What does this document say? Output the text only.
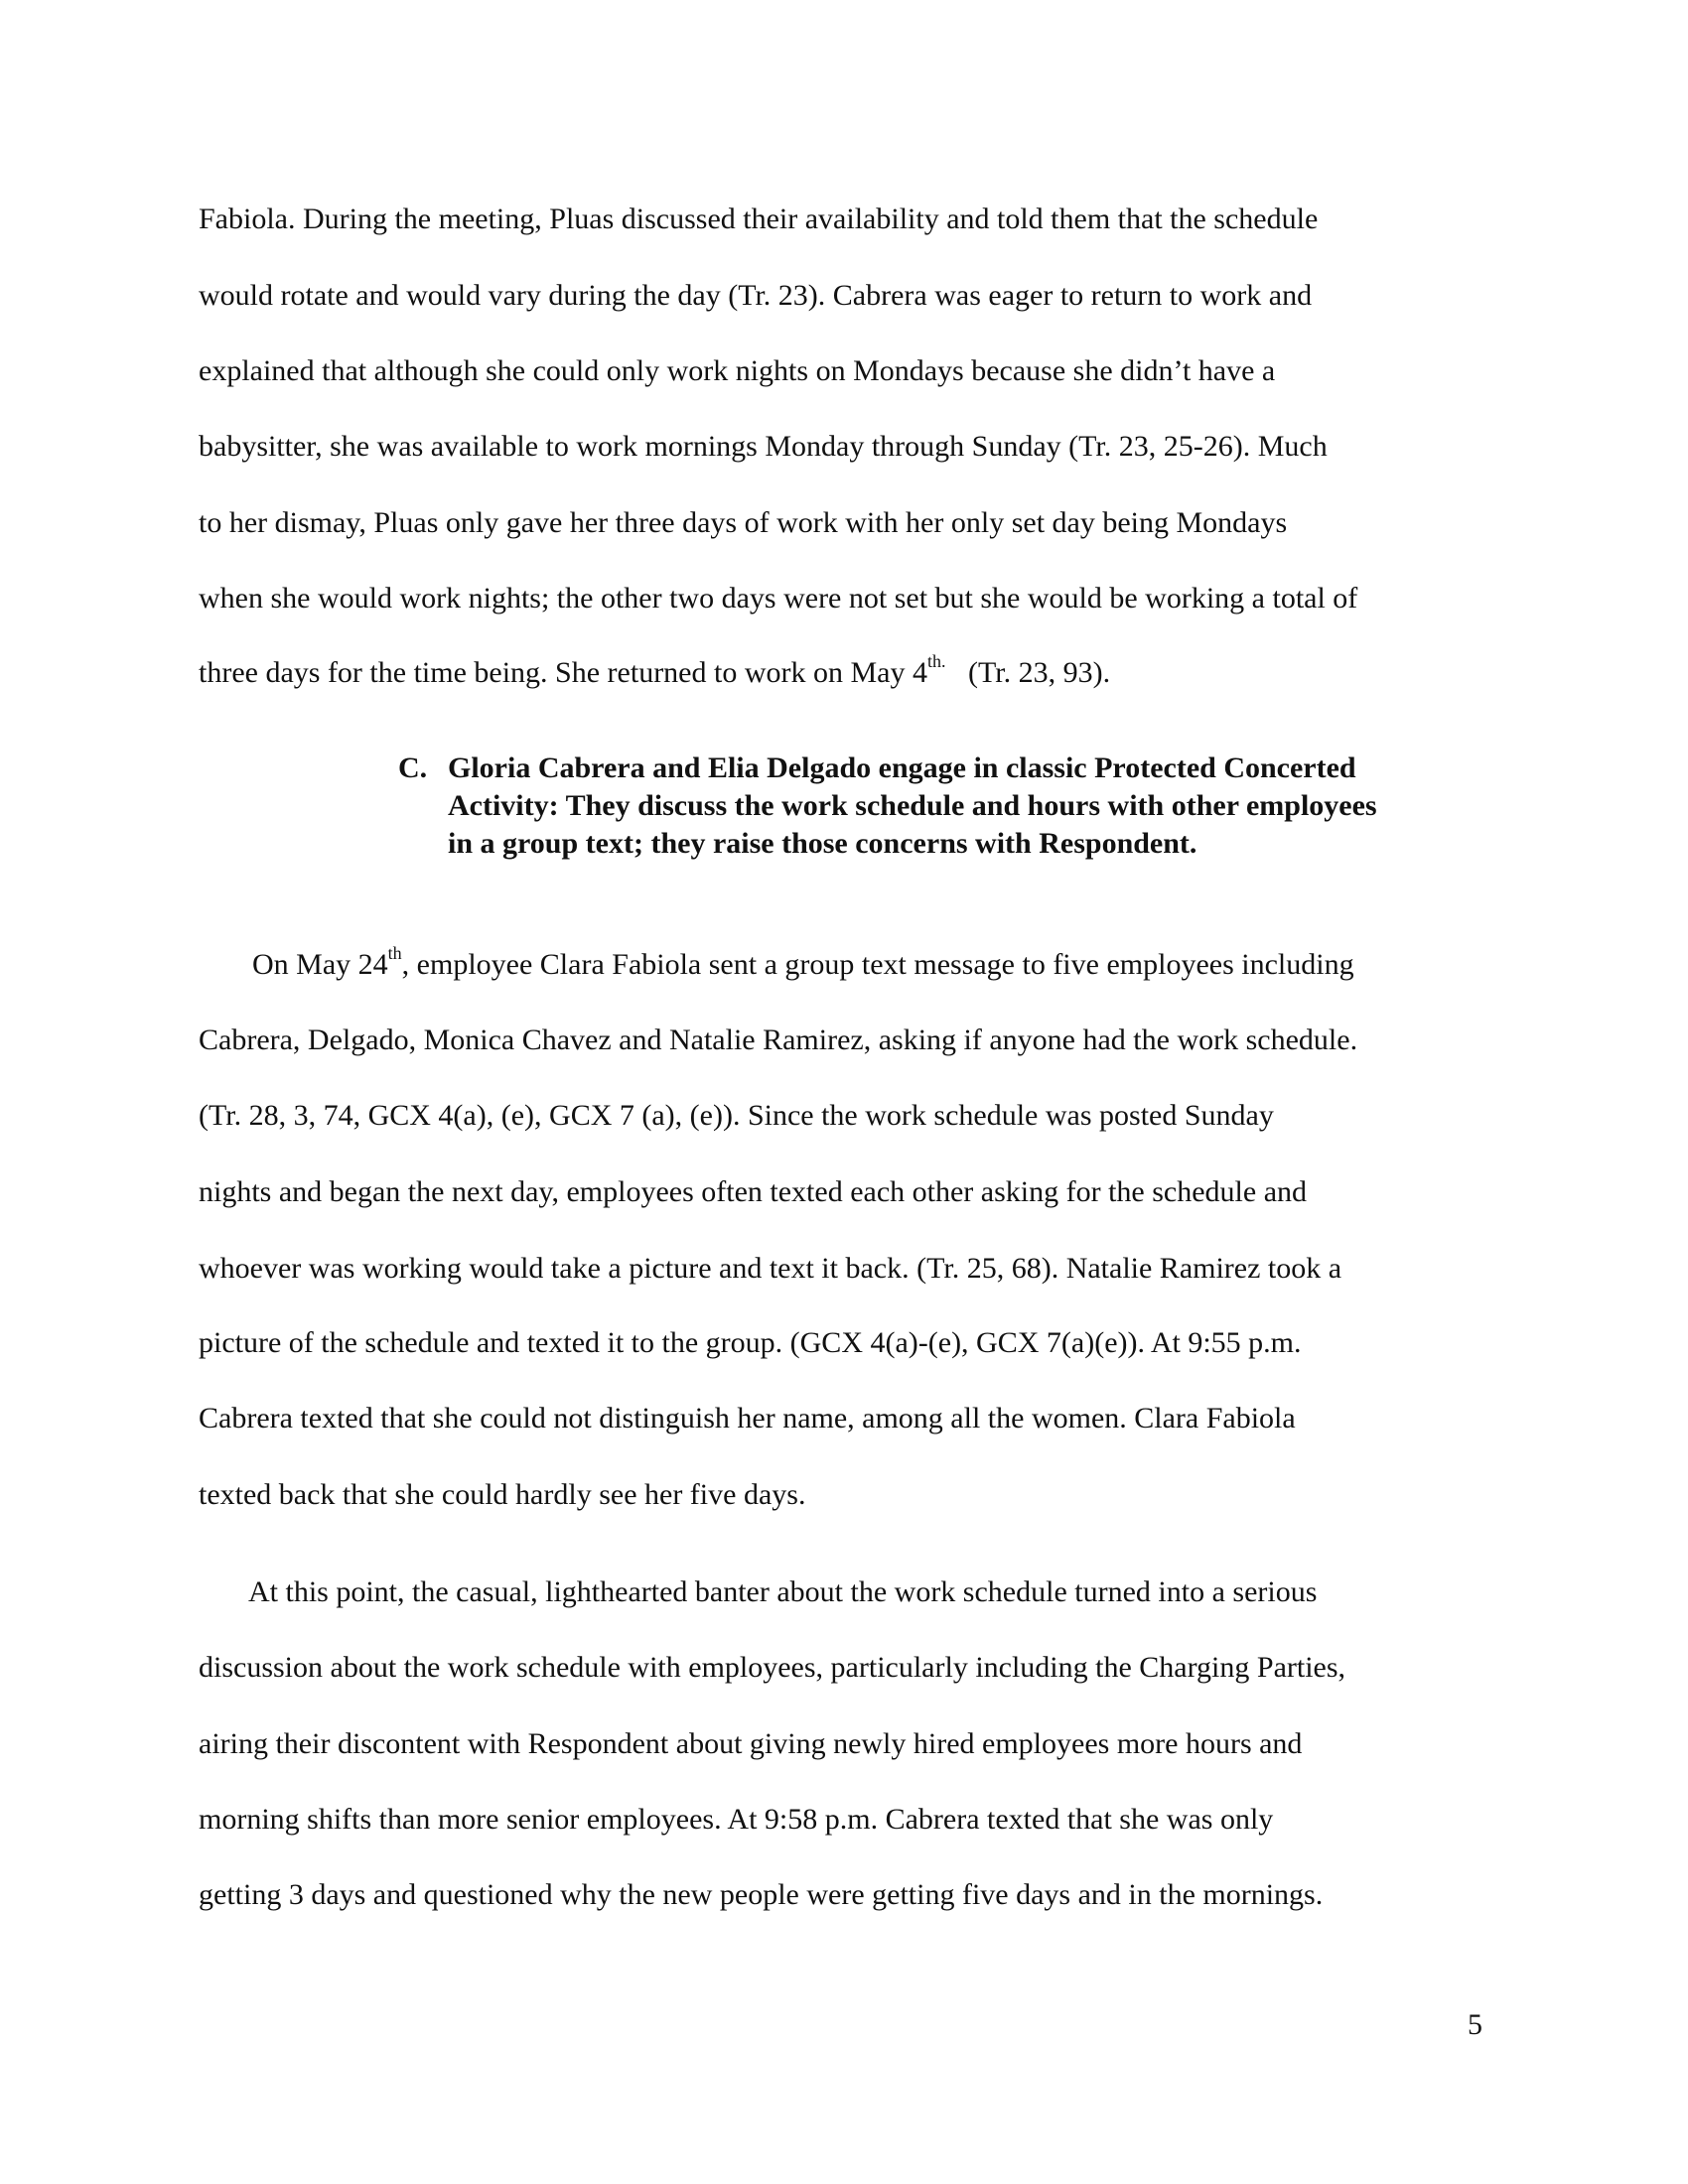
Fabiola. During the meeting, Pluas discussed their availability and told them that the schedule
would rotate and would vary during the day (Tr. 23). Cabrera was eager to return to work and
explained that although she could only work nights on Mondays because she didn’t have a
babysitter, she was available to work mornings Monday through Sunday (Tr. 23, 25-26). Much
to her dismay, Pluas only gave her three days of work with her only set day being Mondays
when she would work nights; the other two days were not set but she would be working a total of
three days for the time being. She returned to work on May $4^{th.}$   (Tr. 23, 93).
C. Gloria Cabrera and Elia Delgado engage in classic Protected Concerted
Activity: They discuss the work schedule and hours with other employees
in a group text; they raise those concerns with Respondent.
On May 24th, employee Clara Fabiola sent a group text message to five employees including
Cabrera, Delgado, Monica Chavez and Natalie Ramirez, asking if anyone had the work schedule.
(Tr. 28, 3, 74, GCX 4(a), (e), GCX 7 (a), (e)). Since the work schedule was posted Sunday
nights and began the next day, employees often texted each other asking for the schedule and
whoever was working would take a picture and text it back. (Tr. 25, 68). Natalie Ramirez took a
picture of the schedule and texted it to the group. (GCX 4(a)-(e), GCX 7(a)(e)). At 9:55 p.m.
Cabrera texted that she could not distinguish her name, among all the women. Clara Fabiola
texted back that she could hardly see her five days.
At this point, the casual, lighthearted banter about the work schedule turned into a serious
discussion about the work schedule with employees, particularly including the Charging Parties,
airing their discontent with Respondent about giving newly hired employees more hours and
morning shifts than more senior employees. At 9:58 p.m. Cabrera texted that she was only
getting 3 days and questioned why the new people were getting five days and in the mornings.
5
